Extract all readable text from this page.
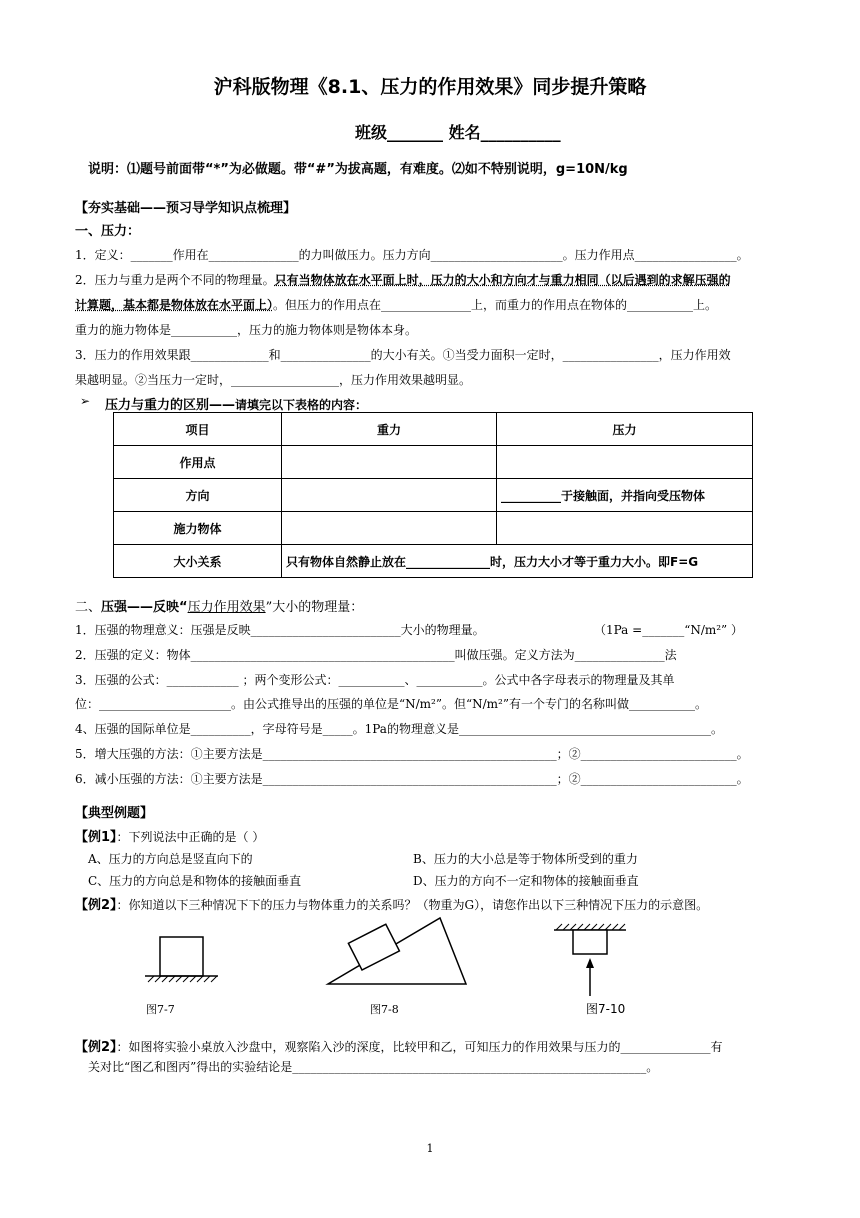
沪科版物理《8.1、压力的作用效果》同步提升策略
班级_______ 姓名__________
说明：⑴题号前面带“*”为必做题。带“#”为拔高题，有难度。⑵如不特别说明，g=10N/kg
【夯实基础——预习导学知识点梳理】
一、压力：
1．定义：_______作用在_______________的力叫做压力。压力方向______________________。压力作用点_________________。
2．压力与重力是两个不同的物理量。只有当物体放在水平面上时，压力的大小和方向才与重力相同（以后遇到的求解压强的
计算题，基本都是物体放在水平面上）。但压力的作用点在_______________上，而重力的作用点在物体的___________上。
重力的施力物体是___________，压力的施力物体则是物体本身。
3．压力的作用效果跟_____________和_______________的大小有关。①当受力面积一定时，________________，压力作用效
果越明显。②当压力一定时，__________________，压力作用效果越明显。
➢ 压力与重力的区别——请填完以下表格的内容：
项目	重力	压力
作用点		
方向		__________于接触面，并指向受压物体
施力物体		
大小关系	只有物体自然静止放在______________时，压力大小才等于重力大小。即F=G	
二、压强——反映“压力作用效果”大小的物理量：
1．压强的物理意义：压强是反映_________________________大小的物理量。	（1Pa =_______“N/m²” ）
2．压强的定义：物体____________________________________________叫做压强。定义方法为_______________法
3．压强的公式：____________ ；两个变形公式：___________、___________。公式中各字母表示的物理量及其单
位：______________________。由公式推导出的压强的单位是“N/m²”。但“N/m²”有一个专门的名称叫做___________。
4、压强的国际单位是__________，字母符号是_____。1Pa的物理意义是__________________________________________。
5．增大压强的方法：①主要方法是_________________________________________________；②__________________________。
6．减小压强的方法：①主要方法是_________________________________________________；②__________________________。
【典型例题】
【例1】：下列说法中正确的是（ ）
A、压力的方向总是竖直向下的	B、压力的大小总是等于物体所受到的重力
C、压力的方向总是和物体的接触面垂直	D、压力的方向不一定和物体的接触面垂直
【例2】：你知道以下三种情况下下的压力与物体重力的关系吗？（物重为G），请您作出以下三种情况下压力的示意图。
图7-7	图7-8	图7-10
【例2】：如图将实验小桌放入沙盘中，观察陷入沙的深度，比较甲和乙，可知压力的作用效果与压力的_______________有
关对比“图乙和图丙”得出的实验结论是___________________________________________________________。
1
